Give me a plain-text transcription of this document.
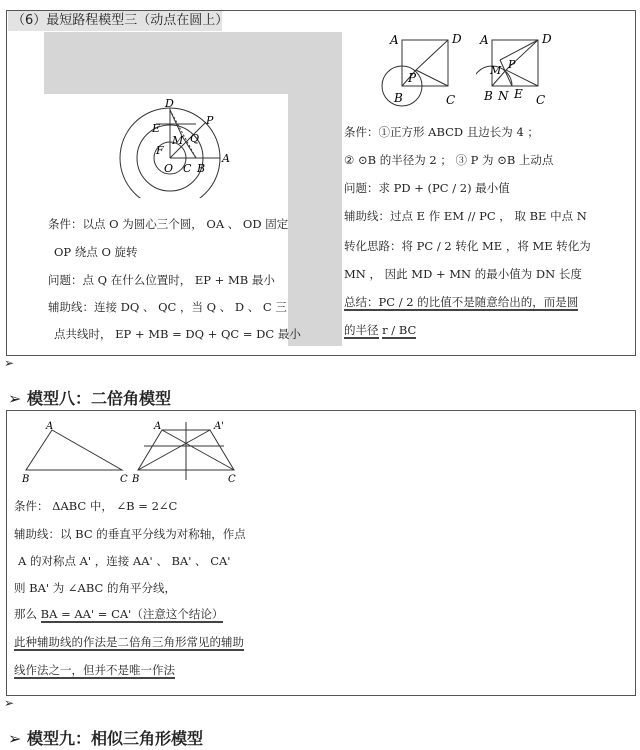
（6）最短路程模型三（动点在圆上）
D
P
E
M Q
F
O C B
A
条件：以点 O 为圆心三个圆， OA 、 OD 固定
OP 绕点 O 旋转
问题：点 Q 在什么位置时， EP + MB 最小
辅助线：连接 DQ 、 QC ，当 Q 、 D 、 C 三
点共线时， EP + MB = DQ + QC = DC 最小
A	D
P
B	C
A	D
M P
B N E C
条件：①正方形 ABCD 且边长为 4 ；
② ⊙B 的半径为 2 ； ③ P 为 ⊙B 上动点
问题：求 PD + (PC / 2) 最小值
辅助线：过点 E 作 EM // PC ， 取 BE 中点 N
转化思路：将 PC / 2 转化 ME ，将 ME 转化为
MN ， 因此 MD + MN 的最小值为 DN 长度
总结：PC / 2 的比值不是随意给出的，而是圆
的半径 r / BC
➢
➢ 模型八：二倍角模型
A
B	C
A	A'
B	C
条件： ΔABC 中， ∠B = 2∠C
辅助线：以 BC 的垂直平分线为对称轴，作点
A 的对称点 A' ，连接 AA' 、 BA' 、 CA'
则 BA' 为 ∠ABC 的角平分线，
那么 BA = AA' = CA'（注意这个结论）
此种辅助线的作法是二倍角三角形常见的辅助
线作法之一，但并不是唯一作法
➢
➢ 模型九：相似三角形模型
